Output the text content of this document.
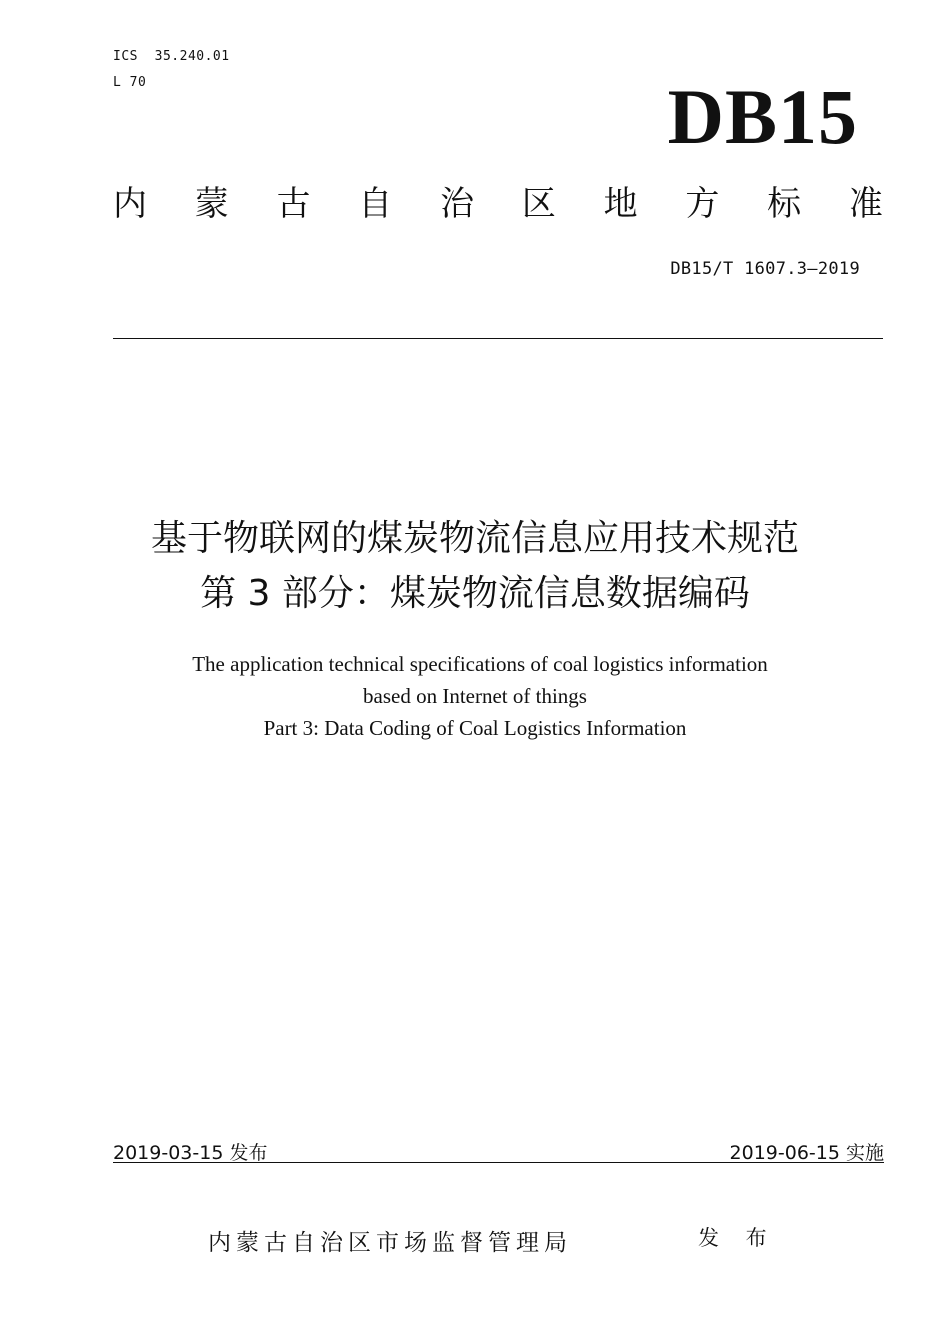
ICS  35.240.01
L 70	DB15
内 蒙 古 自 治 区 地 方 标 准
DB15/T 1607.3—2019
基于物联网的煤炭物流信息应用技术规范
第 3 部分：煤炭物流信息数据编码
The application technical specifications of coal logistics information
based on Internet of things
Part 3: Data Coding of Coal Logistics Information
2019-03-15 发布	2019-06-15 实施
内蒙古自治区市场监督管理局	发 布
